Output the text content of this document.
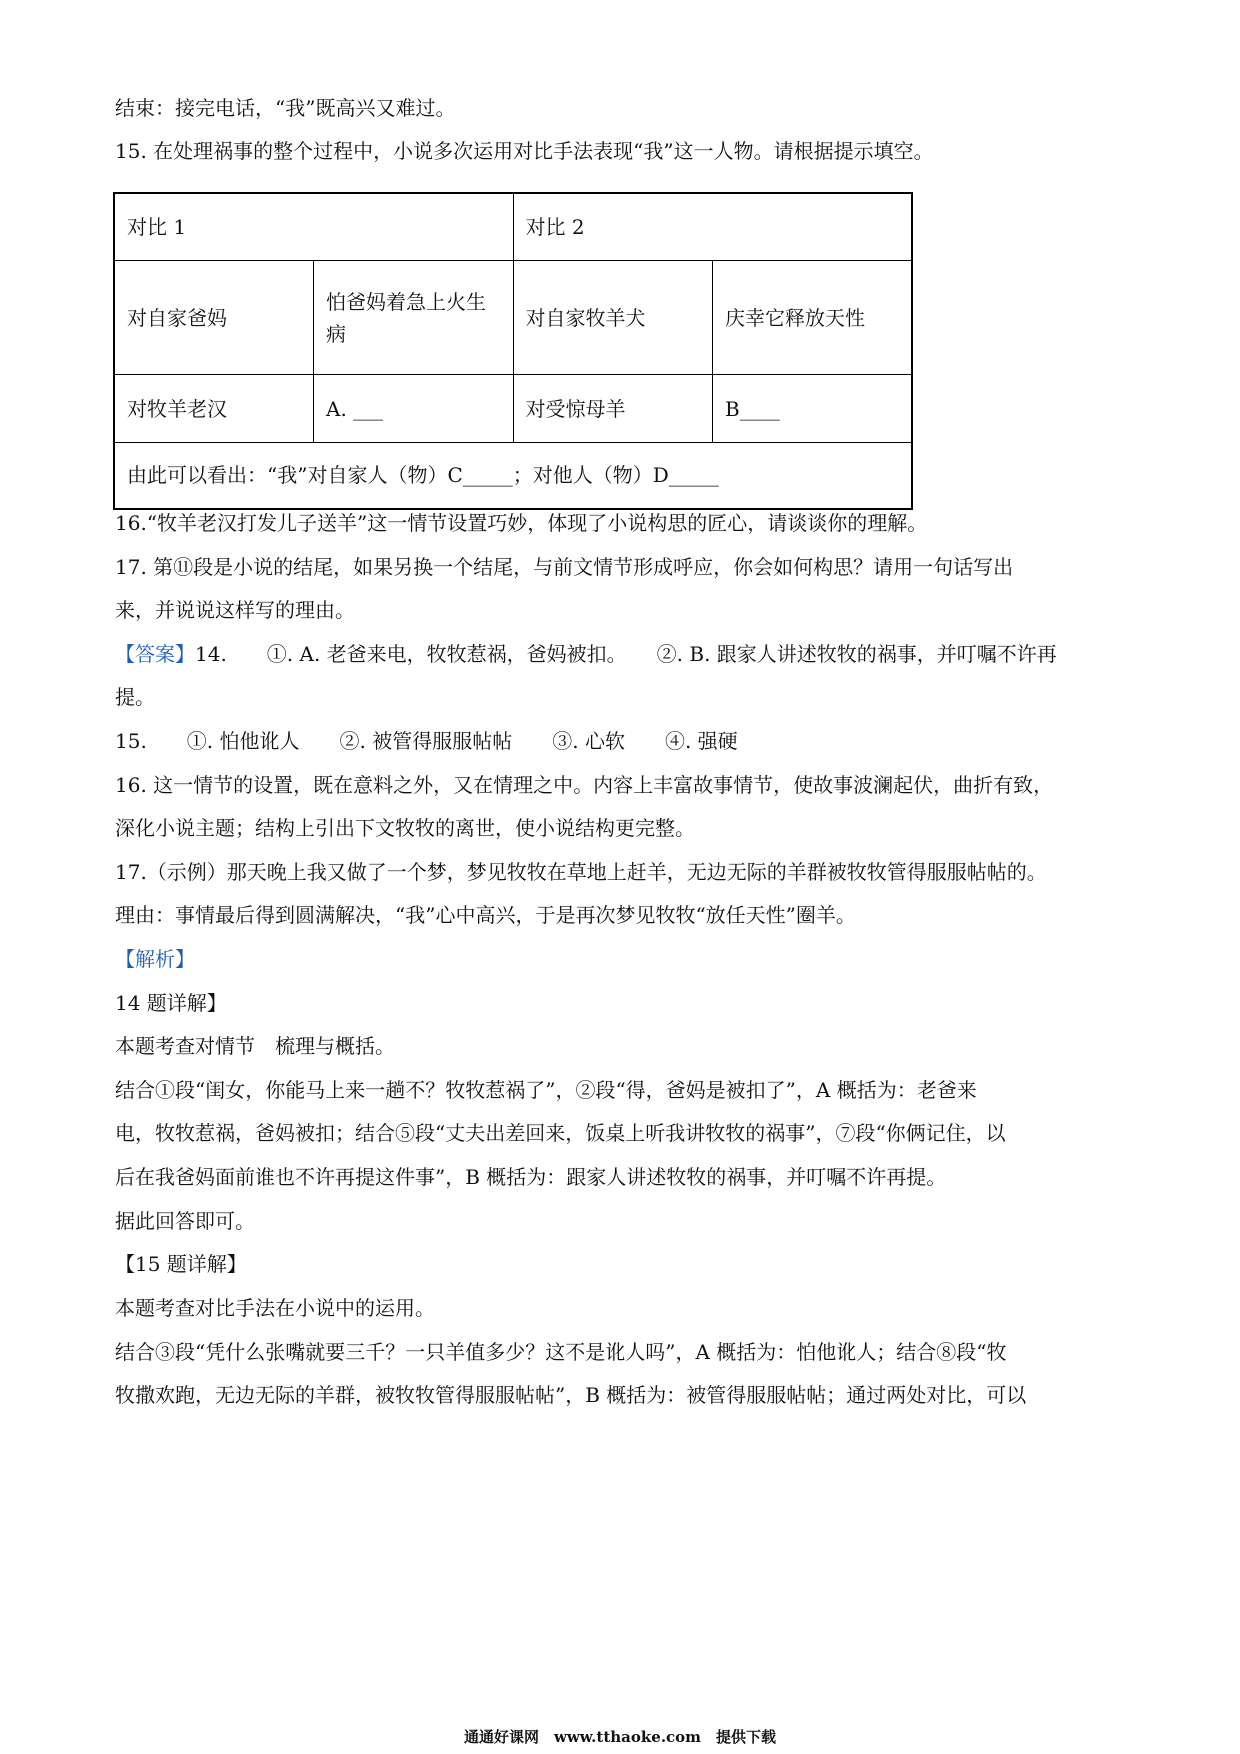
结束：接完电话，“我”既高兴又难过。
15. 在处理祸事的整个过程中，小说多次运用对比手法表现“我”这一人物。请根据提示填空。
对比 1		对比 2	
对自家爸妈	怕爸妈着急上火生病	对自家牧羊犬	庆幸它释放天性
对牧羊老汉	A. ___	对受惊母羊	B____
由此可以看出：“我”对自家人（物）C_____；对他人（物）D_____			
16.“牧羊老汉打发儿子送羊”这一情节设置巧妙，体现了小说构思的匠心，请谈谈你的理解。
17. 第⑪段是小说的结尾，如果另换一个结尾，与前文情节形成呼应，你会如何构思？请用一句话写出
来，并说说这样写的理由。
【答案】14.　　①. A. 老爸来电，牧牧惹祸，爸妈被扣。　　②. B. 跟家人讲述牧牧的祸事，并叮嘱不许再
提。
15.　　①. 怕他讹人　　②. 被管得服服帖帖　　③. 心软　　④. 强硬
16. 这一情节的设置，既在意料之外，又在情理之中。内容上丰富故事情节，使故事波澜起伏，曲折有致，
深化小说主题；结构上引出下文牧牧的离世，使小说结构更完整。
17.（示例）那天晚上我又做了一个梦，梦见牧牧在草地上赶羊，无边无际的羊群被牧牧管得服服帖帖的。
理由：事情最后得到圆满解决，“我”心中高兴，于是再次梦见牧牧“放任天性”圈羊。
【解析】
14 题详解】
本题考查对情节　梳理与概括。
结合①段“闺女，你能马上来一趟不？牧牧惹祸了”，②段“得，爸妈是被扣了”，A 概括为：老爸来
电，牧牧惹祸，爸妈被扣；结合⑤段“丈夫出差回来，饭桌上听我讲牧牧的祸事”，⑦段“你俩记住，以
后在我爸妈面前谁也不许再提这件事”，B 概括为：跟家人讲述牧牧的祸事，并叮嘱不许再提。
据此回答即可。
【15 题详解】
本题考查对比手法在小说中的运用。
结合③段“凭什么张嘴就要三千？一只羊值多少？这不是讹人吗”，A 概括为：怕他讹人；结合⑧段“牧
牧撒欢跑，无边无际的羊群，被牧牧管得服服帖帖”，B 概括为：被管得服服帖帖；通过两处对比，可以
通通好课网　www.tthaoke.com　提供下载
